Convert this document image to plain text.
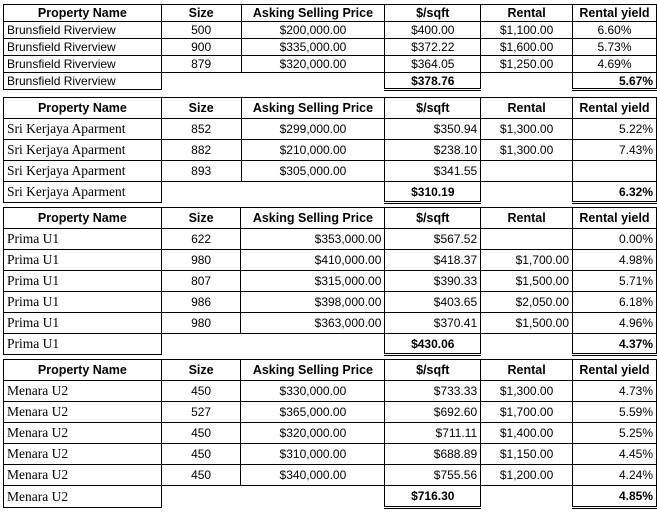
Property Name	Size	Asking Selling Price	$/sqft	Rental	Rental yield
Brunsfield Riverview	500	$200,000.00	$400.00	$1,100.00	6.60%
Brunsfield Riverview	900	$335,000.00	$372.22	$1,600.00	5.73%
Brunsfield Riverview	879	$320,000.00	$364.05	$1,250.00	4.69%
Brunsfield Riverview			$378.76		5.67%
Property Name	Size	Asking Selling Price	$/sqft	Rental	Rental yield
Sri Kerjaya Aparment	852	$299,000.00	$350.94	$1,300.00	5.22%
Sri Kerjaya Aparment	882	$210,000.00	$238.10	$1,300.00	7.43%
Sri Kerjaya Aparment	893	$305,000.00	$341.55		
Sri Kerjaya Aparment			$310.19		6.32%
Property Name	Size	Asking Selling Price	$/sqft	Rental	Rental yield
Prima U1	622	$353,000.00	$567.52		0.00%
Prima U1	980	$410,000.00	$418.37	$1,700.00	4.98%
Prima U1	807	$315,000.00	$390.33	$1,500.00	5.71%
Prima U1	986	$398,000.00	$403.65	$2,050.00	6.18%
Prima U1	980	$363,000.00	$370.41	$1,500.00	4.96%
Prima U1			$430.06		4.37%
Property Name	Size	Asking Selling Price	$/sqft	Rental	Rental yield
Menara U2	450	$330,000.00	$733.33	$1,300.00	4.73%
Menara U2	527	$365,000.00	$692.60	$1,700.00	5.59%
Menara U2	450	$320,000.00	$711.11	$1,400.00	5.25%
Menara U2	450	$310,000.00	$688.89	$1,150.00	4.45%
Menara U2	450	$340,000.00	$755.56	$1,200.00	4.24%
Menara U2			$716.30		4.85%
